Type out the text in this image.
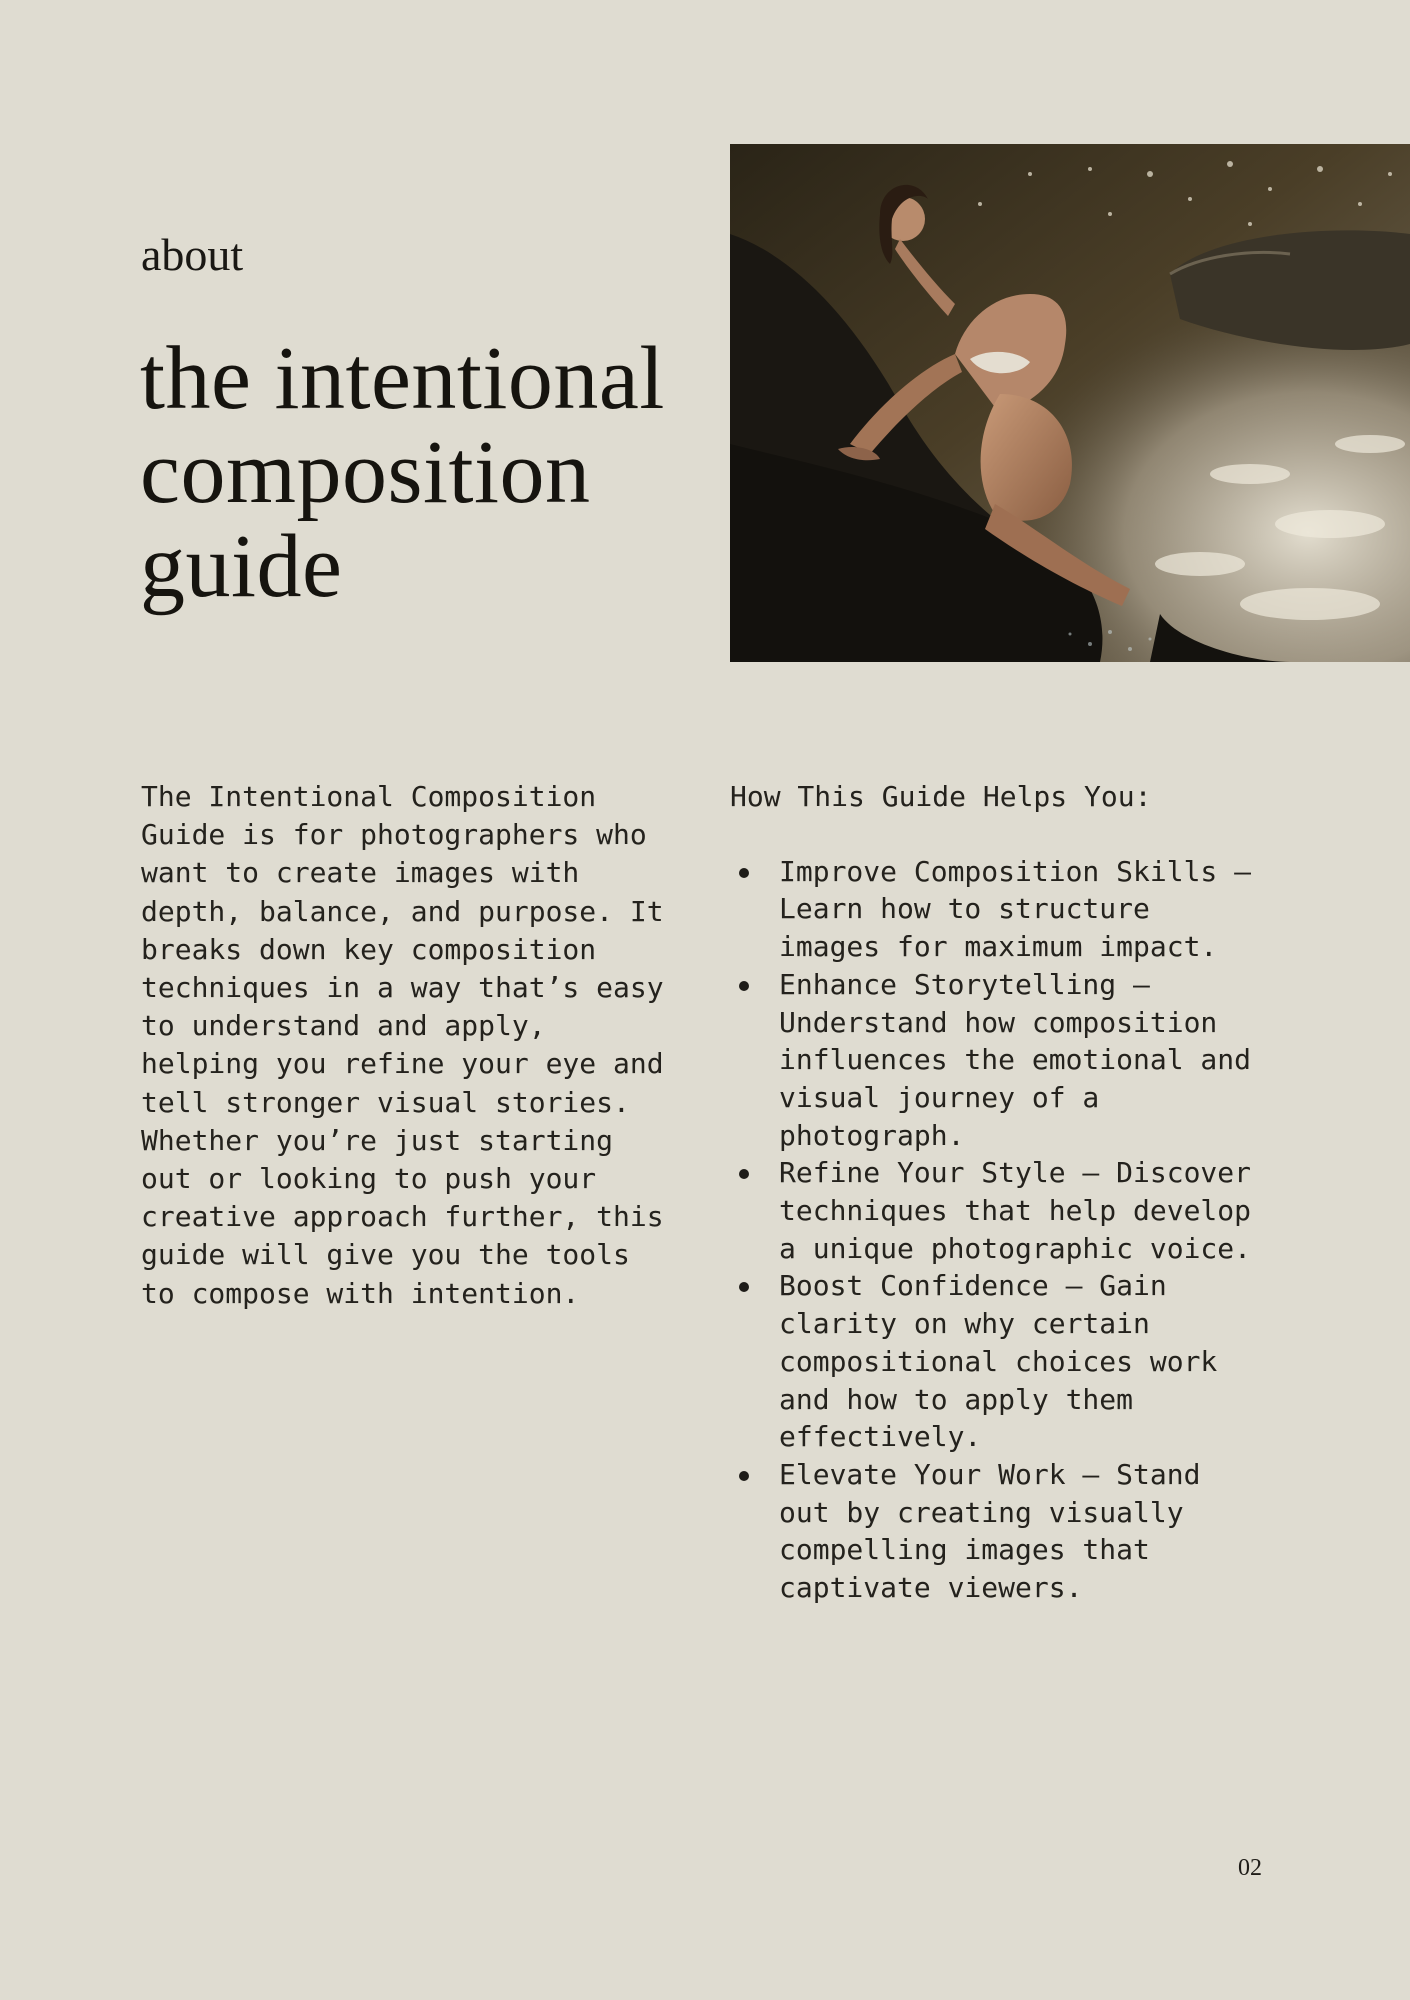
about
the intentional
composition
guide

The Intentional Composition
Guide is for photographers who
want to create images with
depth, balance, and purpose. It
breaks down key composition
techniques in a way that’s easy
to understand and apply,
helping you refine your eye and
tell stronger visual stories.
Whether you’re just starting
out or looking to push your
creative approach further, this
guide will give you the tools
to compose with intention.

How This Guide Helps You:
Improve Composition Skills –
Learn how to structure
images for maximum impact.
Enhance Storytelling –
Understand how composition
influences the emotional and
visual journey of a
photograph.
Refine Your Style – Discover
techniques that help develop
a unique photographic voice.
Boost Confidence – Gain
clarity on why certain
compositional choices work
and how to apply them
effectively.
Elevate Your Work – Stand
out by creating visually
compelling images that
captivate viewers.
02
